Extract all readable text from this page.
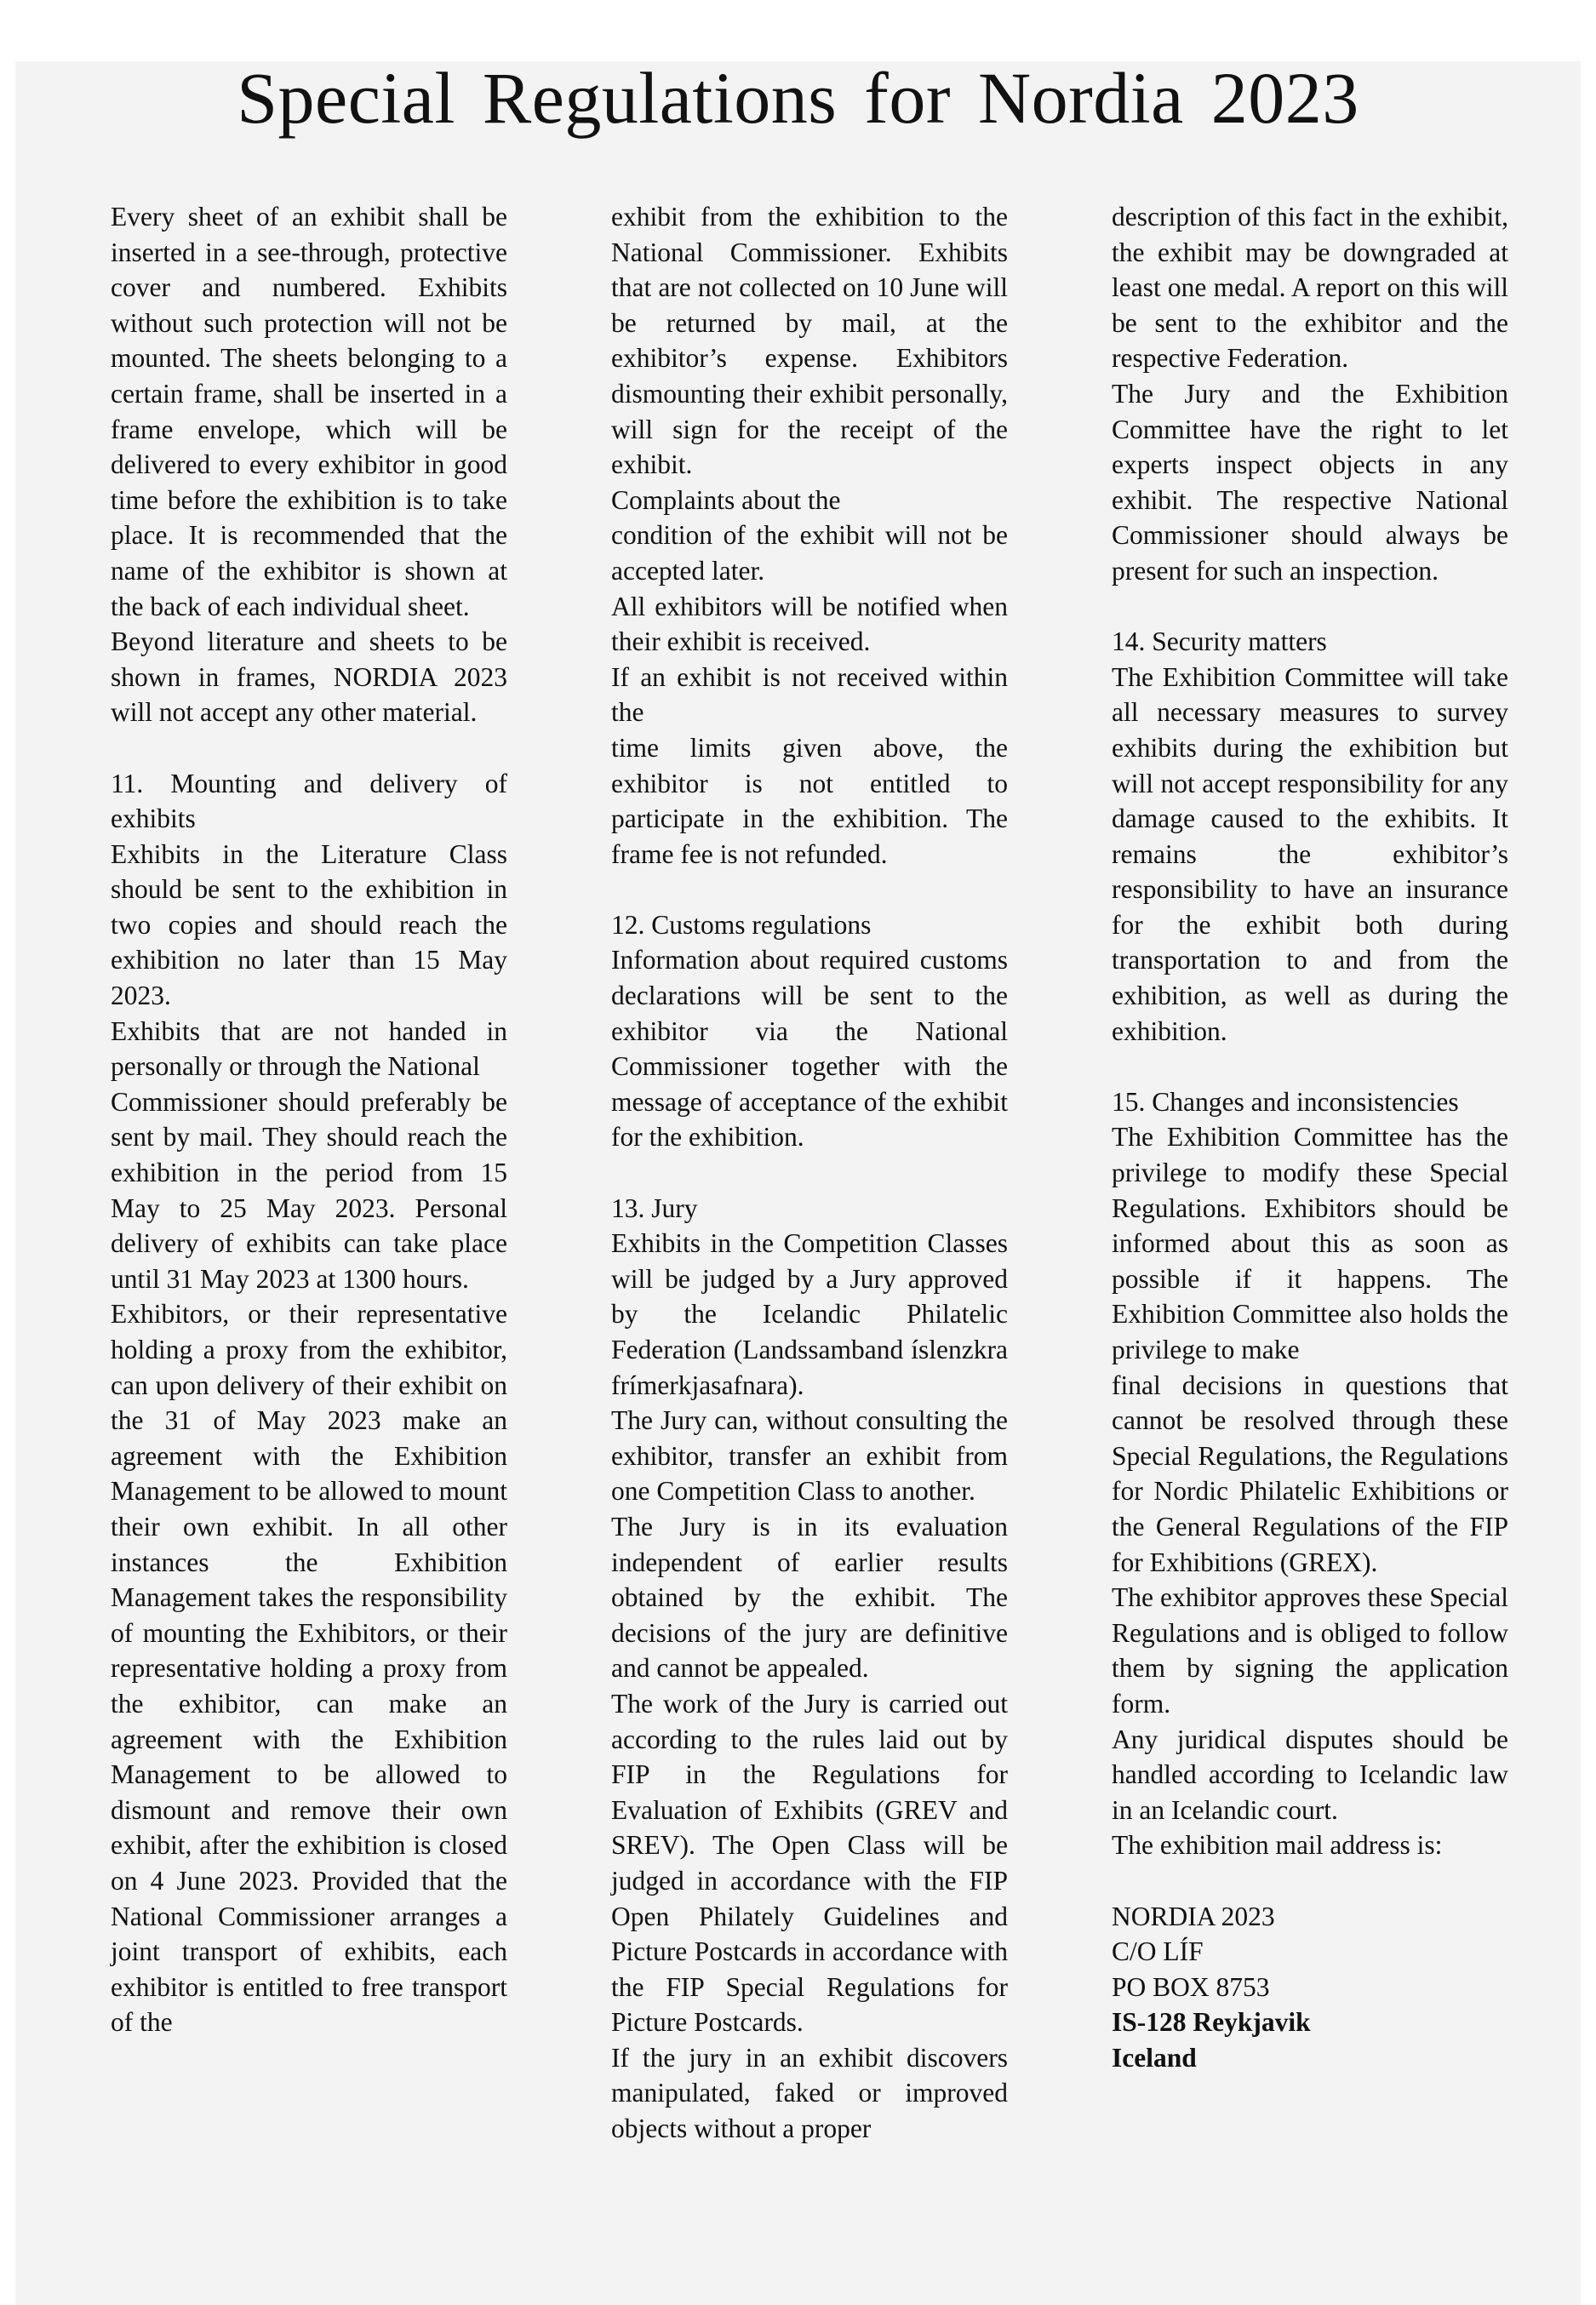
Special Regulations for Nordia 2023

Every sheet of an exhibit shall be inserted in a see-through, protective cover and numbered. Exhibits without such protection will not be mounted. The sheets belonging to a certain frame, shall be inserted in a frame envelope, which will be delivered to every exhibitor in good time before the exhibition is to take place. It is recommended that the name of the exhibitor is shown at the back of each individual sheet.

Beyond literature and sheets to be shown in frames, NORDIA 2023 will not accept any other material.

11. Mounting and delivery of exhibits

Exhibits in the Literature Class should be sent to the exhibition in two copies and should reach the exhibition no later than 15 May 2023.

Exhibits that are not handed in personally or through the National

Commissioner should preferably be sent by mail. They should reach the exhibition in the period from 15 May to 25 May 2023. Personal delivery of exhibits can take place until 31 May 2023 at 1300 hours.

Exhibitors, or their representative holding a proxy from the exhibitor, can upon delivery of their exhibit on the 31 of May 2023 make an agreement with the Exhibition Management to be allowed to mount their own exhibit. In all other instances the Exhibition Management takes the responsibility of mounting the Exhibitors, or their representative holding a proxy from the exhibitor, can make an agreement with the Exhibition Management to be allowed to dismount and remove their own exhibit, after the exhibition is closed on 4 June 2023. Provided that the National Commissioner arranges a joint transport of exhibits, each exhibitor is entitled to free transport of the

exhibit from the exhibition to the National Commissioner. Exhibits that are not collected on 10 June will be returned by mail, at the exhibitor’s expense. Exhibitors dismounting their exhibit personally, will sign for the receipt of the exhibit.

Complaints about the

condition of the exhibit will not be accepted later.

All exhibitors will be notified when their exhibit is received.

If an exhibit is not received within the

time limits given above, the exhibitor is not entitled to participate in the exhibition. The frame fee is not refunded.

12. Customs regulations

Information about required customs declarations will be sent to the exhibitor via the National Commissioner together with the message of acceptance of the exhibit for the exhibition.

13. Jury

Exhibits in the Competition Classes will be judged by a Jury approved by the Icelandic Philatelic Federation (Landssamband íslenzkra frímerkjasafnara).

The Jury can, without consulting the exhibitor, transfer an exhibit from one Competition Class to another.

The Jury is in its evaluation independent of earlier results obtained by the exhibit. The decisions of the jury are definitive and cannot be appealed.

The work of the Jury is carried out according to the rules laid out by FIP in the Regulations for Evaluation of Exhibits (GREV and SREV). The Open Class will be judged in accordance with the FIP Open Philately Guidelines and Picture Postcards in accordance with the FIP Special Regulations for Picture Postcards.

If the jury in an exhibit discovers manipulated, faked or improved objects without a proper

description of this fact in the exhibit, the exhibit may be downgraded at least one medal. A report on this will be sent to the exhibitor and the respective Federation.

The Jury and the Exhibition Committee have the right to let experts inspect objects in any exhibit. The respective National Commissioner should always be present for such an inspection.

14. Security matters

The Exhibition Committee will take all necessary measures to survey exhibits during the exhibition but will not accept responsibility for any damage caused to the exhibits. It remains the exhibitor’s responsibility to have an insurance for the exhibit both during transportation to and from the exhibition, as well as during the exhibition.

15. Changes and inconsistencies

The Exhibition Committee has the privilege to modify these Special Regulations. Exhibitors should be informed about this as soon as possible if it happens. The Exhibition Committee also holds the privilege to make

final decisions in questions that cannot be resolved through these Special Regulations, the Regulations for Nordic Philatelic Exhibitions or the General Regulations of the FIP for Exhibitions (GREX).

The exhibitor approves these Special Regulations and is obliged to follow them by signing the application form.

Any juridical disputes should be handled according to Icelandic law in an Icelandic court.

The exhibition mail address is:

NORDIA 2023

C/O LÍF

PO BOX 8753

IS-128 Reykjavik

Iceland
